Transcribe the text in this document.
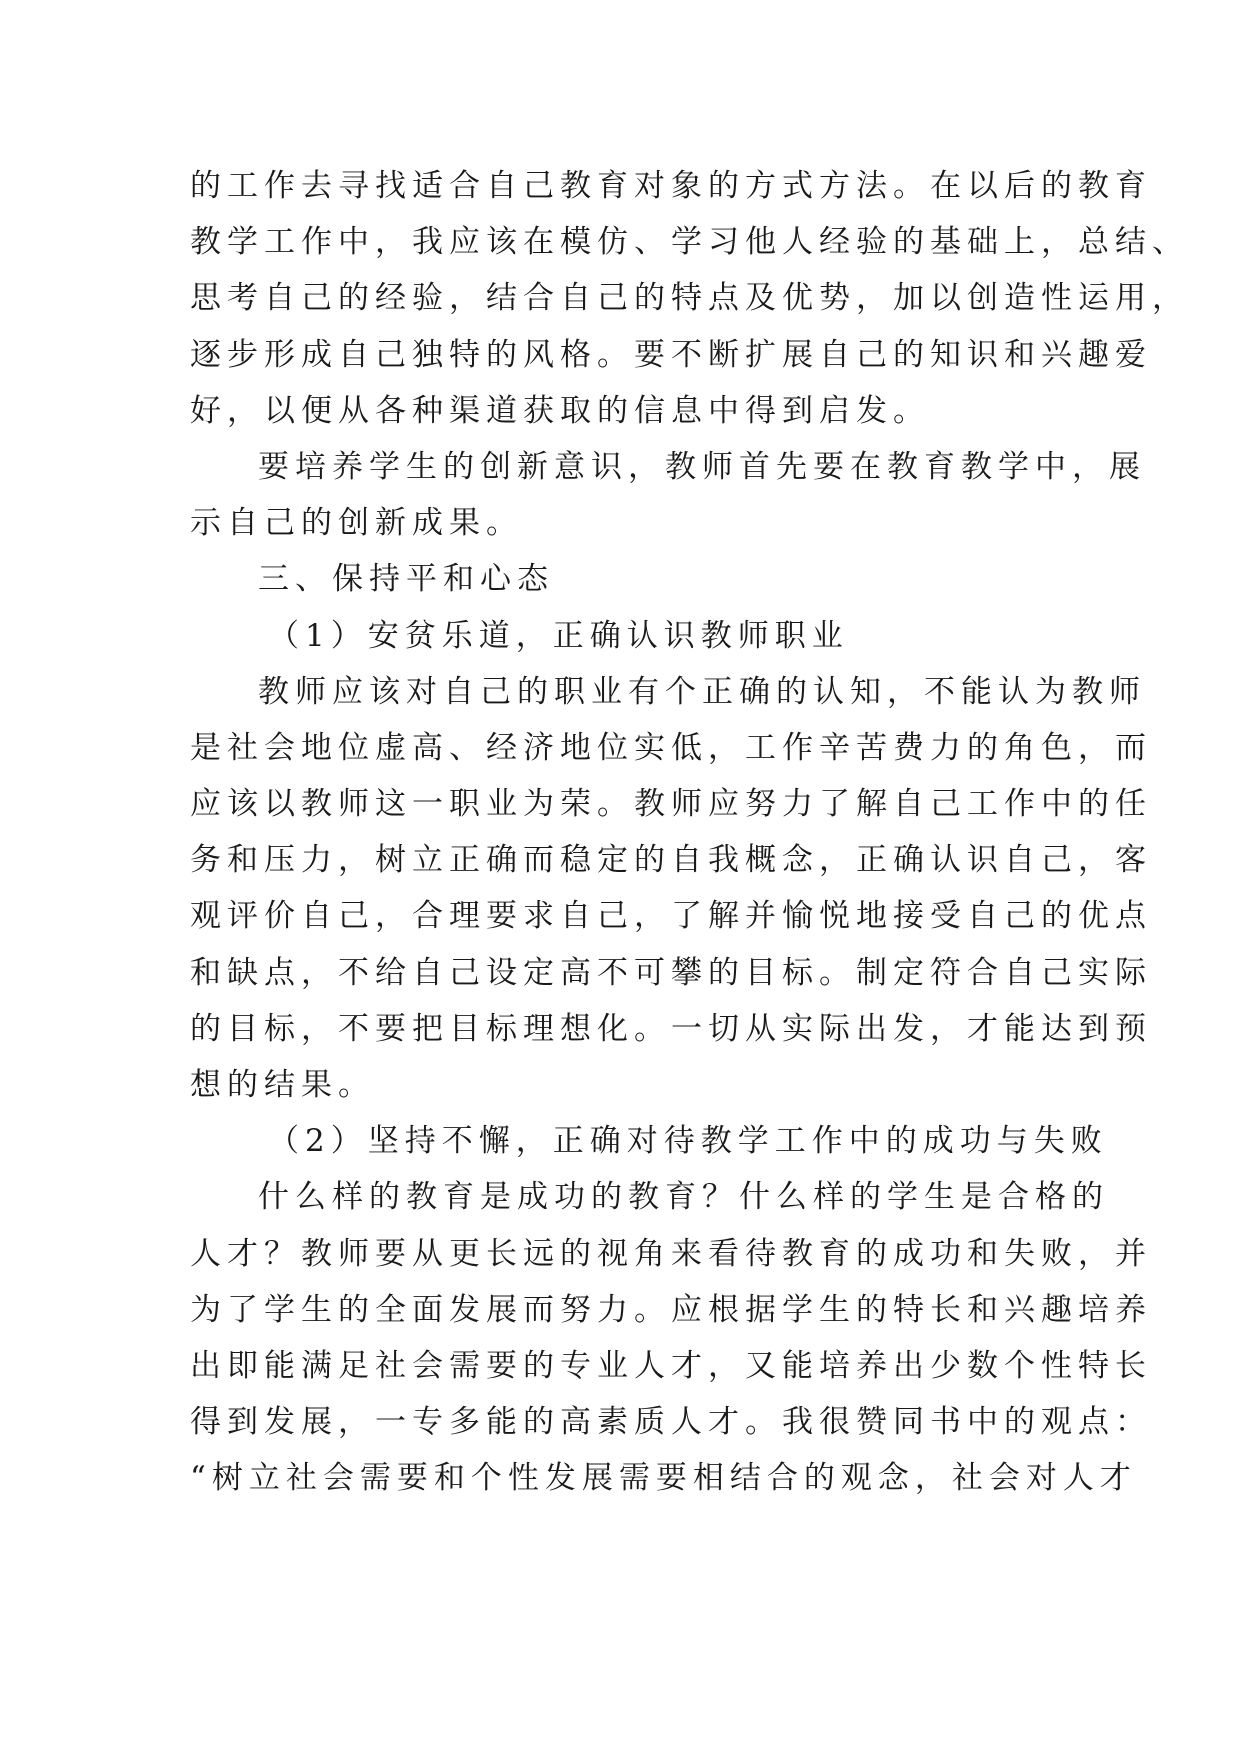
的工作去寻找适合自己教育对象的方式方法。在以后的教育
教学工作中，我应该在模仿、学习他人经验的基础上，总结、
思考自己的经验，结合自己的特点及优势，加以创造性运用，
逐步形成自己独特的风格。要不断扩展自己的知识和兴趣爱
好，以便从各种渠道获取的信息中得到启发。
要培养学生的创新意识，教师首先要在教育教学中，展
示自己的创新成果。
三、保持平和心态
（1）安贫乐道，正确认识教师职业
教师应该对自己的职业有个正确的认知，不能认为教师
是社会地位虚高、经济地位实低，工作辛苦费力的角色，而
应该以教师这一职业为荣。教师应努力了解自己工作中的任
务和压力，树立正确而稳定的自我概念，正确认识自己，客
观评价自己，合理要求自己，了解并愉悦地接受自己的优点
和缺点，不给自己设定高不可攀的目标。制定符合自己实际
的目标，不要把目标理想化。一切从实际出发，才能达到预
想的结果。
（2）坚持不懈，正确对待教学工作中的成功与失败
什么样的教育是成功的教育？什么样的学生是合格的
人才？教师要从更长远的视角来看待教育的成功和失败，并
为了学生的全面发展而努力。应根据学生的特长和兴趣培养
出即能满足社会需要的专业人才，又能培养出少数个性特长
得到发展，一专多能的高素质人才。我很赞同书中的观点：
“树立社会需要和个性发展需要相结合的观念，社会对人才
